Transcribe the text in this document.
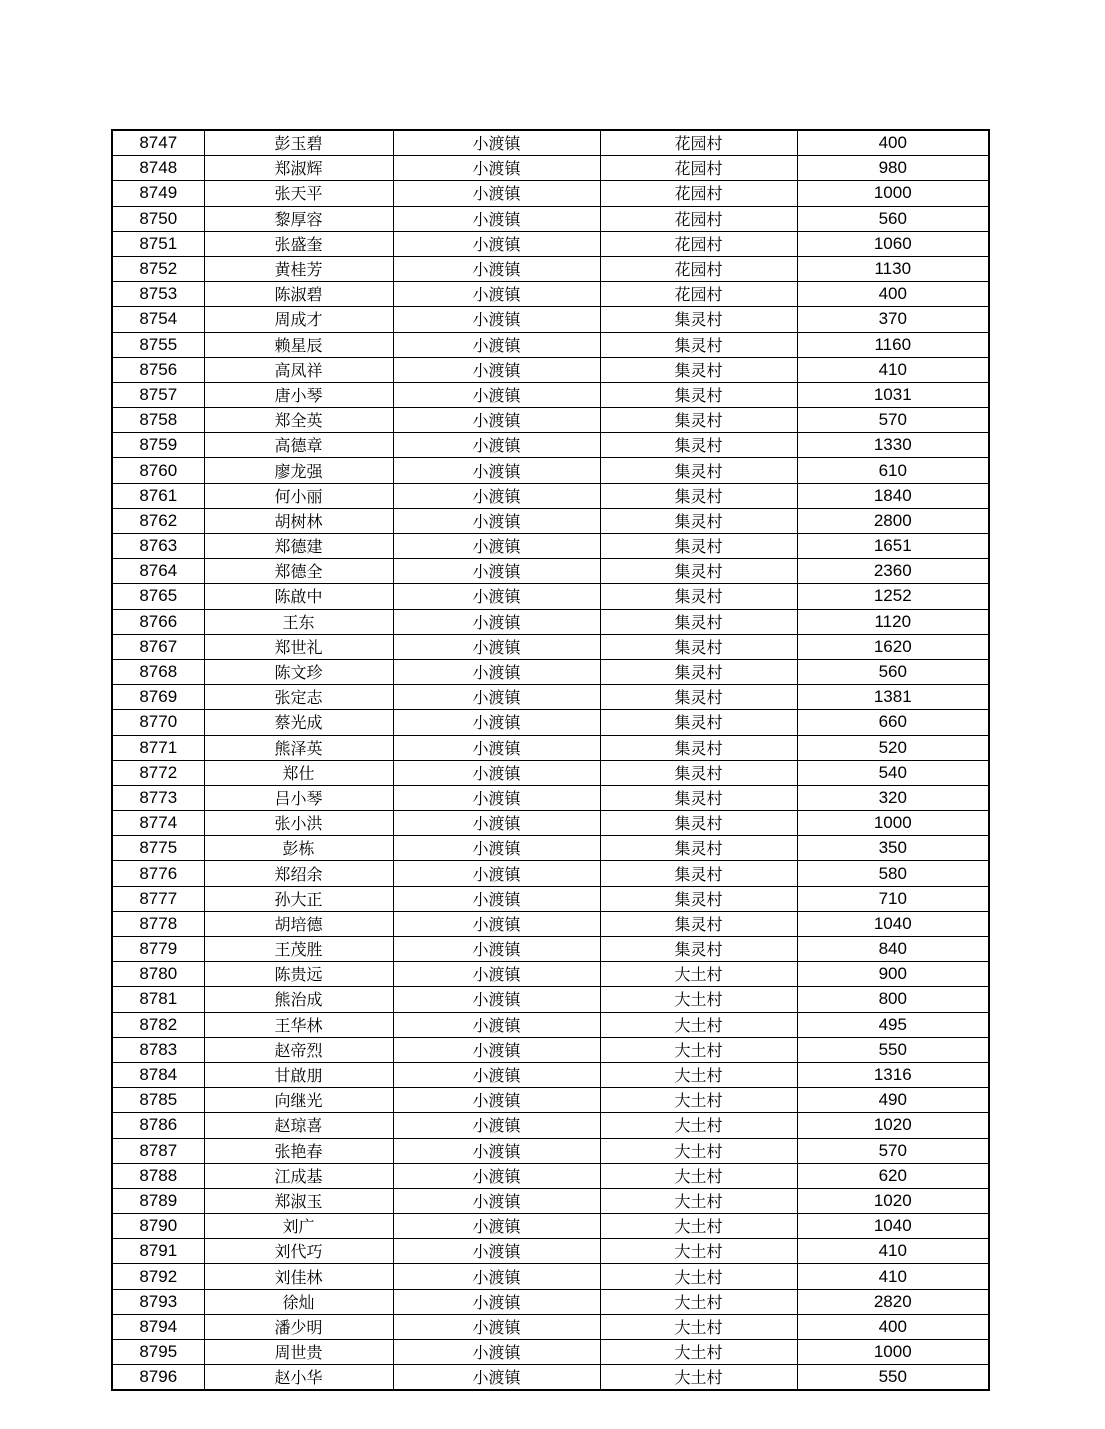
8747	彭玉碧	小渡镇	花园村	400
8748	郑淑辉	小渡镇	花园村	980
8749	张天平	小渡镇	花园村	1000
8750	黎厚容	小渡镇	花园村	560
8751	张盛奎	小渡镇	花园村	1060
8752	黄桂芳	小渡镇	花园村	1130
8753	陈淑碧	小渡镇	花园村	400
8754	周成才	小渡镇	集灵村	370
8755	赖星辰	小渡镇	集灵村	1160
8756	高凤祥	小渡镇	集灵村	410
8757	唐小琴	小渡镇	集灵村	1031
8758	郑全英	小渡镇	集灵村	570
8759	高德章	小渡镇	集灵村	1330
8760	廖龙强	小渡镇	集灵村	610
8761	何小丽	小渡镇	集灵村	1840
8762	胡树林	小渡镇	集灵村	2800
8763	郑德建	小渡镇	集灵村	1651
8764	郑德全	小渡镇	集灵村	2360
8765	陈啟中	小渡镇	集灵村	1252
8766	王东	小渡镇	集灵村	1120
8767	郑世礼	小渡镇	集灵村	1620
8768	陈文珍	小渡镇	集灵村	560
8769	张定志	小渡镇	集灵村	1381
8770	蔡光成	小渡镇	集灵村	660
8771	熊泽英	小渡镇	集灵村	520
8772	郑仕	小渡镇	集灵村	540
8773	吕小琴	小渡镇	集灵村	320
8774	张小洪	小渡镇	集灵村	1000
8775	彭栋	小渡镇	集灵村	350
8776	郑绍余	小渡镇	集灵村	580
8777	孙大正	小渡镇	集灵村	710
8778	胡培德	小渡镇	集灵村	1040
8779	王茂胜	小渡镇	集灵村	840
8780	陈贵远	小渡镇	大土村	900
8781	熊治成	小渡镇	大土村	800
8782	王华林	小渡镇	大土村	495
8783	赵帝烈	小渡镇	大土村	550
8784	甘啟朋	小渡镇	大土村	1316
8785	向继光	小渡镇	大土村	490
8786	赵琼喜	小渡镇	大土村	1020
8787	张艳春	小渡镇	大土村	570
8788	江成基	小渡镇	大土村	620
8789	郑淑玉	小渡镇	大土村	1020
8790	刘广	小渡镇	大土村	1040
8791	刘代巧	小渡镇	大土村	410
8792	刘佳林	小渡镇	大土村	410
8793	徐灿	小渡镇	大土村	2820
8794	潘少明	小渡镇	大土村	400
8795	周世贵	小渡镇	大土村	1000
8796	赵小华	小渡镇	大土村	550
